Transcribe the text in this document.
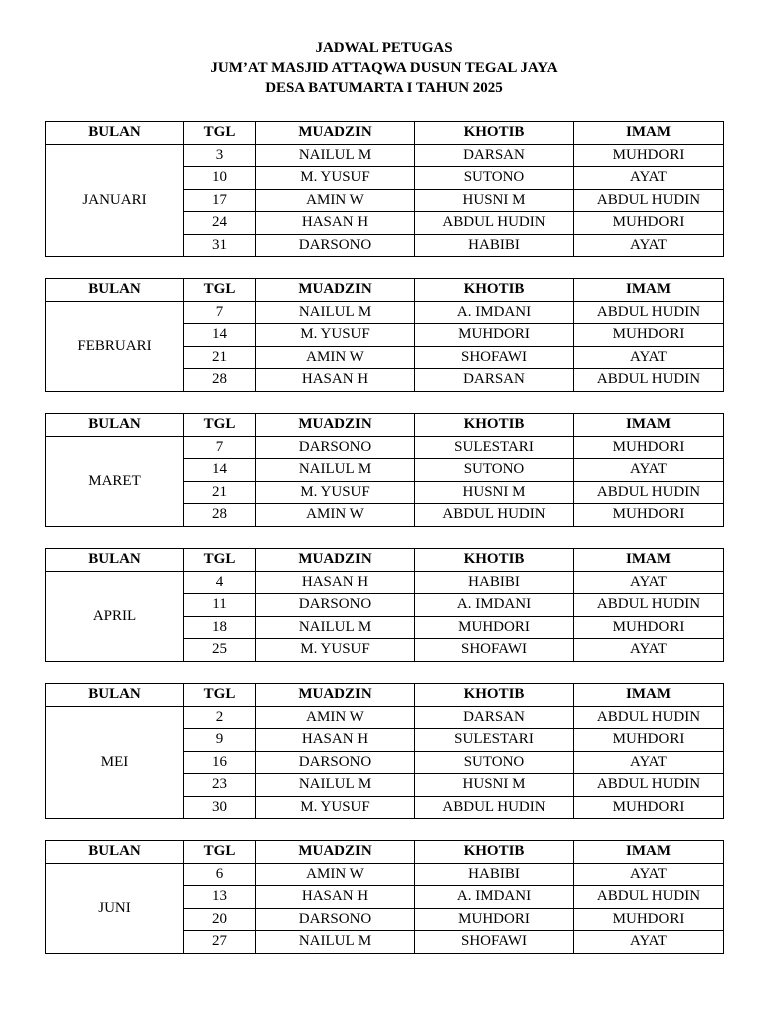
JADWAL PETUGAS
JUM’AT MASJID ATTAQWA DUSUN TEGAL JAYA
DESA BATUMARTA I TAHUN 2025
BULAN	TGL	MUADZIN	KHOTIB	IMAM
JANUARI	3	NAILUL M	DARSAN	MUHDORI
	10	M. YUSUF	SUTONO	AYAT
	17	AMIN W	HUSNI M	ABDUL HUDIN
	24	HASAN H	ABDUL HUDIN	MUHDORI
	31	DARSONO	HABIBI	AYAT
BULAN	TGL	MUADZIN	KHOTIB	IMAM
FEBRUARI	7	NAILUL M	A. IMDANI	ABDUL HUDIN
	14	M. YUSUF	MUHDORI	MUHDORI
	21	AMIN W	SHOFAWI	AYAT
	28	HASAN H	DARSAN	ABDUL HUDIN
BULAN	TGL	MUADZIN	KHOTIB	IMAM
MARET	7	DARSONO	SULESTARI	MUHDORI
	14	NAILUL M	SUTONO	AYAT
	21	M. YUSUF	HUSNI M	ABDUL HUDIN
	28	AMIN W	ABDUL HUDIN	MUHDORI
BULAN	TGL	MUADZIN	KHOTIB	IMAM
APRIL	4	HASAN H	HABIBI	AYAT
	11	DARSONO	A. IMDANI	ABDUL HUDIN
	18	NAILUL M	MUHDORI	MUHDORI
	25	M. YUSUF	SHOFAWI	AYAT
BULAN	TGL	MUADZIN	KHOTIB	IMAM
MEI	2	AMIN W	DARSAN	ABDUL HUDIN
	9	HASAN H	SULESTARI	MUHDORI
	16	DARSONO	SUTONO	AYAT
	23	NAILUL M	HUSNI M	ABDUL HUDIN
	30	M. YUSUF	ABDUL HUDIN	MUHDORI
BULAN	TGL	MUADZIN	KHOTIB	IMAM
JUNI	6	AMIN W	HABIBI	AYAT
	13	HASAN H	A. IMDANI	ABDUL HUDIN
	20	DARSONO	MUHDORI	MUHDORI
	27	NAILUL M	SHOFAWI	AYAT
